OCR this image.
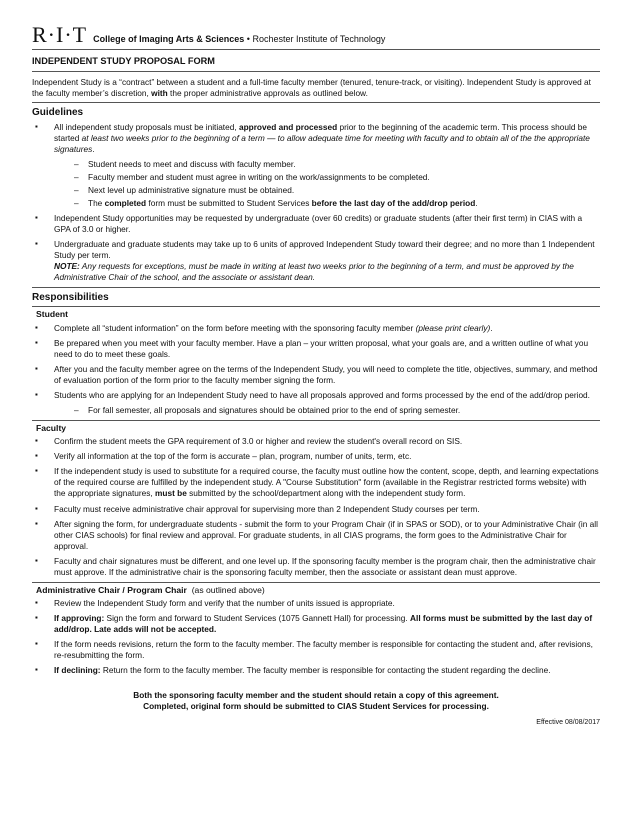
R·I·T College of Imaging Arts & Sciences • Rochester Institute of Technology
INDEPENDENT STUDY PROPOSAL FORM
Independent Study is a “contract” between a student and a full-time faculty member (tenured, tenure-track, or visiting). Independent Study is approved at the faculty member’s discretion, with the proper administrative approvals as outlined below.
Guidelines
▪ All independent study proposals must be initiated, approved and processed prior to the beginning of the academic term. This process should be started at least two weeks prior to the beginning of a term — to allow adequate time for meeting with faculty and to obtain all of the the appropriate signatures.
– Student needs to meet and discuss with faculty member.
– Faculty member and student must agree in writing on the work/assignments to be completed.
– Next level up administrative signature must be obtained.
– The completed form must be submitted to Student Services before the last day of the add/drop period.
▪ Independent Study opportunities may be requested by undergraduate (over 60 credits) or graduate students (after their first term) in CIAS with a GPA of 3.0 or higher.
▪ Undergraduate and graduate students may take up to 6 units of approved Independent Study toward their degree; and no more than 1 Independent Study per term.
NOTE: Any requests for exceptions, must be made in writing at least two weeks prior to the beginning of a term, and must be approved by the Administrative Chair of the school, and the associate or assistant dean.
Responsibilities
Student
▪ Complete all “student information” on the form before meeting with the sponsoring faculty member (please print clearly).
▪ Be prepared when you meet with your faculty member. Have a plan – your written proposal, what your goals are, and a written outline of what you need to do to meet these goals.
▪ After you and the faculty member agree on the terms of the Independent Study, you will need to complete the title, objectives, summary, and method of evaluation portion of the form prior to the faculty member signing the form.
▪ Students who are applying for an Independent Study need to have all proposals approved and forms processed by the end of the add/drop period.
– For fall semester, all proposals and signatures should be obtained prior to the end of spring semester.
Faculty
▪ Confirm the student meets the GPA requirement of 3.0 or higher and review the student's overall record on SIS.
▪ Verify all information at the top of the form is accurate – plan, program, number of units, term, etc.
▪ If the independent study is used to substitute for a required course, the faculty must outline how the content, scope, depth, and learning expectations of the required course are fulfilled by the independent study. A "Course Substitution" form (available in the Registrar restricted forms website) with the appropriate signatures, must be submitted by the school/department along with the independent study form.
▪ Faculty must receive administrative chair approval for supervising more than 2 Independent Study courses per term.
▪ After signing the form, for undergraduate students - submit the form to your Program Chair (if in SPAS or SOD), or to your Administrative Chair (in all other CIAS schools) for final review and approval. For graduate students, in all CIAS programs, the form goes to the Administrative Chair for approval.
▪ Faculty and chair signatures must be different, and one level up. If the sponsoring faculty member is the program chair, then the administrative chair must approve. If the administrative chair is the sponsoring faculty member, then the associate or assistant dean must approve.
Administrative Chair / Program Chair  (as outlined above)
▪ Review the Independent Study form and verify that the number of units issued is appropriate.
▪ If approving: Sign the form and forward to Student Services (1075 Gannett Hall) for processing. All forms must be submitted by the last day of add/drop. Late adds will not be accepted.
▪ If the form needs revisions, return the form to the faculty member. The faculty member is responsible for contacting the student and, after revisions, re-resubmitting the form.
▪ If declining: Return the form to the faculty member. The faculty member is responsible for contacting the student regarding the decline.
Both the sponsoring faculty member and the student should retain a copy of this agreement.
Completed, original form should be submitted to CIAS Student Services for processing.
Effective 08/08/2017
